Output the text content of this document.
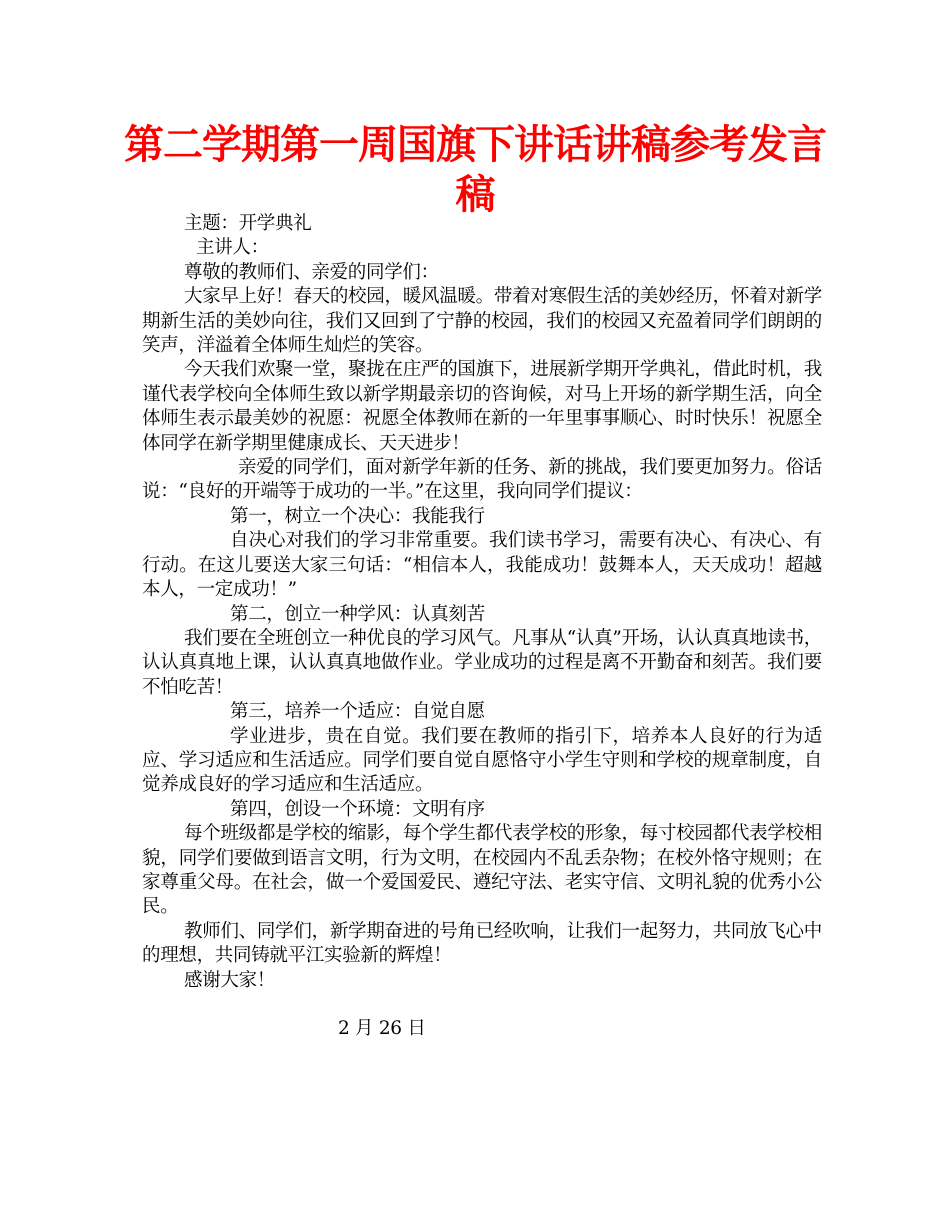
第二学期第一周国旗下讲话讲稿参考发言稿

主题：开学典礼

主讲人：

尊敬的教师们、亲爱的同学们：

大家早上好！春天的校园，暖风温暖。带着对寒假生活的美妙经历，怀着对新学期新生活的美妙向往，我们又回到了宁静的校园，我们的校园又充盈着同学们朗朗的笑声，洋溢着全体师生灿烂的笑容。

今天我们欢聚一堂，聚拢在庄严的国旗下，进展新学期开学典礼，借此时机，我谨代表学校向全体师生致以新学期最亲切的咨询候，对马上开场的新学期生活，向全体师生表示最美妙的祝愿：祝愿全体教师在新的一年里事事顺心、时时快乐！祝愿全体同学在新学期里健康成长、天天进步！

亲爱的同学们，面对新学年新的任务、新的挑战，我们要更加努力。俗话说：“良好的开端等于成功的一半。”在这里，我向同学们提议：

第一，树立一个决心：我能我行

自决心对我们的学习非常重要。我们读书学习，需要有决心、有决心、有行动。在这儿要送大家三句话：“相信本人，我能成功！鼓舞本人，天天成功！超越本人，一定成功！”

第二，创立一种学风：认真刻苦

我们要在全班创立一种优良的学习风气。凡事从“认真”开场，认认真真地读书，认认真真地上课，认认真真地做作业。学业成功的过程是离不开勤奋和刻苦。我们要不怕吃苦！

第三，培养一个适应：自觉自愿

学业进步，贵在自觉。我们要在教师的指引下，培养本人良好的行为适应、学习适应和生活适应。同学们要自觉自愿恪守小学生守则和学校的规章制度，自觉养成良好的学习适应和生活适应。

第四，创设一个环境：文明有序

每个班级都是学校的缩影，每个学生都代表学校的形象，每寸校园都代表学校相貌，同学们要做到语言文明，行为文明，在校园内不乱丢杂物；在校外恪守规则；在家尊重父母。在社会，做一个爱国爱民、遵纪守法、老实守信、文明礼貌的优秀小公民。

教师们、同学们，新学期奋进的号角已经吹响，让我们一起努力，共同放飞心中的理想，共同铸就平江实验新的辉煌！

感谢大家！

2 月 26 日
